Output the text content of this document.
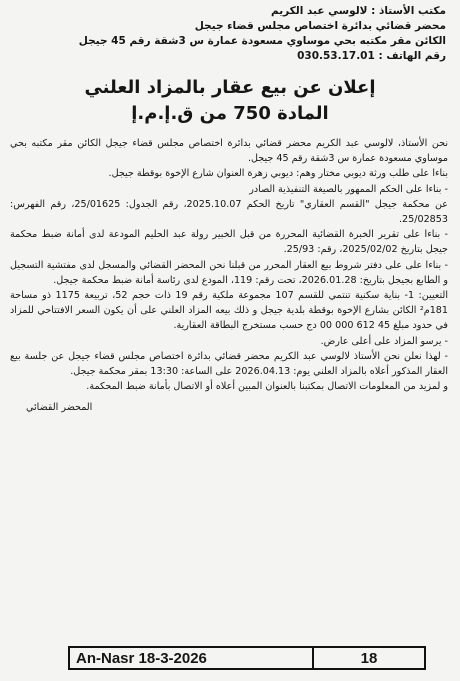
مكتب الأستاذ : لالوسي عبد الكريم
محضر قضائي بدائرة اختصاص مجلس قضاء جيجل
الكائن مقر مكتبه بحي موساوي مسعودة عمارة س 3شقة رقم 45 جيجل
رقم الهاتف : 030.53.17.01
إعلان عن بيع عقار بالمزاد العلني
المادة 750 من ق.إ.م.إ

نحن الأستاذ، لالوسي عبد الكريم محضر قضائي بدائرة اختصاص مجلس قضاء جيجل الكائن مقر مكتبه بحي موساوي مسعودة عمارة س 3شقة رقم 45 جيجل.

بناءا على طلب ورثة ديوبي مختار وهم: ديوبي زهرة العنوان شارع الإخوة بوقطة جيجل.

- بناءا على الحكم الممهور بالصيغة التنفيذية الصادر

عن محكمة جيجل "القسم العقاري" تاريخ الحكم 2025.10.07، رقم الجدول: 25/01625، رقم الفهرس: 25/02853.

- بناءا على تقرير الخبرة القضائية المحررة من قبل الخبير رولة عبد الحليم المودعة لدى أمانة ضبط محكمة جيجل بتاريخ 2025/02/02، رقم: 25/93.

- بناءا على على دفتر شروط بيع العقار المحرر من قبلنا نحن المحضر القضائي والمسجل لدى مفتشية التسجيل و الطابع بجيجل بتاريخ: 2026.01.28، تحت رقم: 119، المودع لدى رئاسة أمانة ضبط محكمة جيجل.

التعيين: 1- بناية سكنية تنتمي للقسم 107 مجموعة ملكية رقم 19 ذات حجم 52، تربيعة 1175 ذو مساحة 181م² الكائن بشارع الإخوة بوقطة بلدية جيجل و ذلك بيعه المزاد العلني على أن يكون السعر الافتتاحي للمزاد في حدود مبلغ 45 612 000 00 دج حسب مستخرج البطاقة العقارية.

- يرسو المزاد على أعلى عارض.

- لهذا نعلن نحن الأستاذ لالوسي عبد الكريم محضر قضائي بدائرة اختصاص مجلس قضاء جيجل عن جلسة بيع العقار المذكور أعلاه بالمزاد العلني يوم: 2026.04.13 على الساعة: 13:30 بمقر محكمة جيجل.

و لمزيد من المعلومات الاتصال بمكتبنا بالعنوان المبين أعلاه أو الاتصال بأمانة ضبط المحكمة.

المحضر القضائي
An-Nasr 18-3-2026	18
